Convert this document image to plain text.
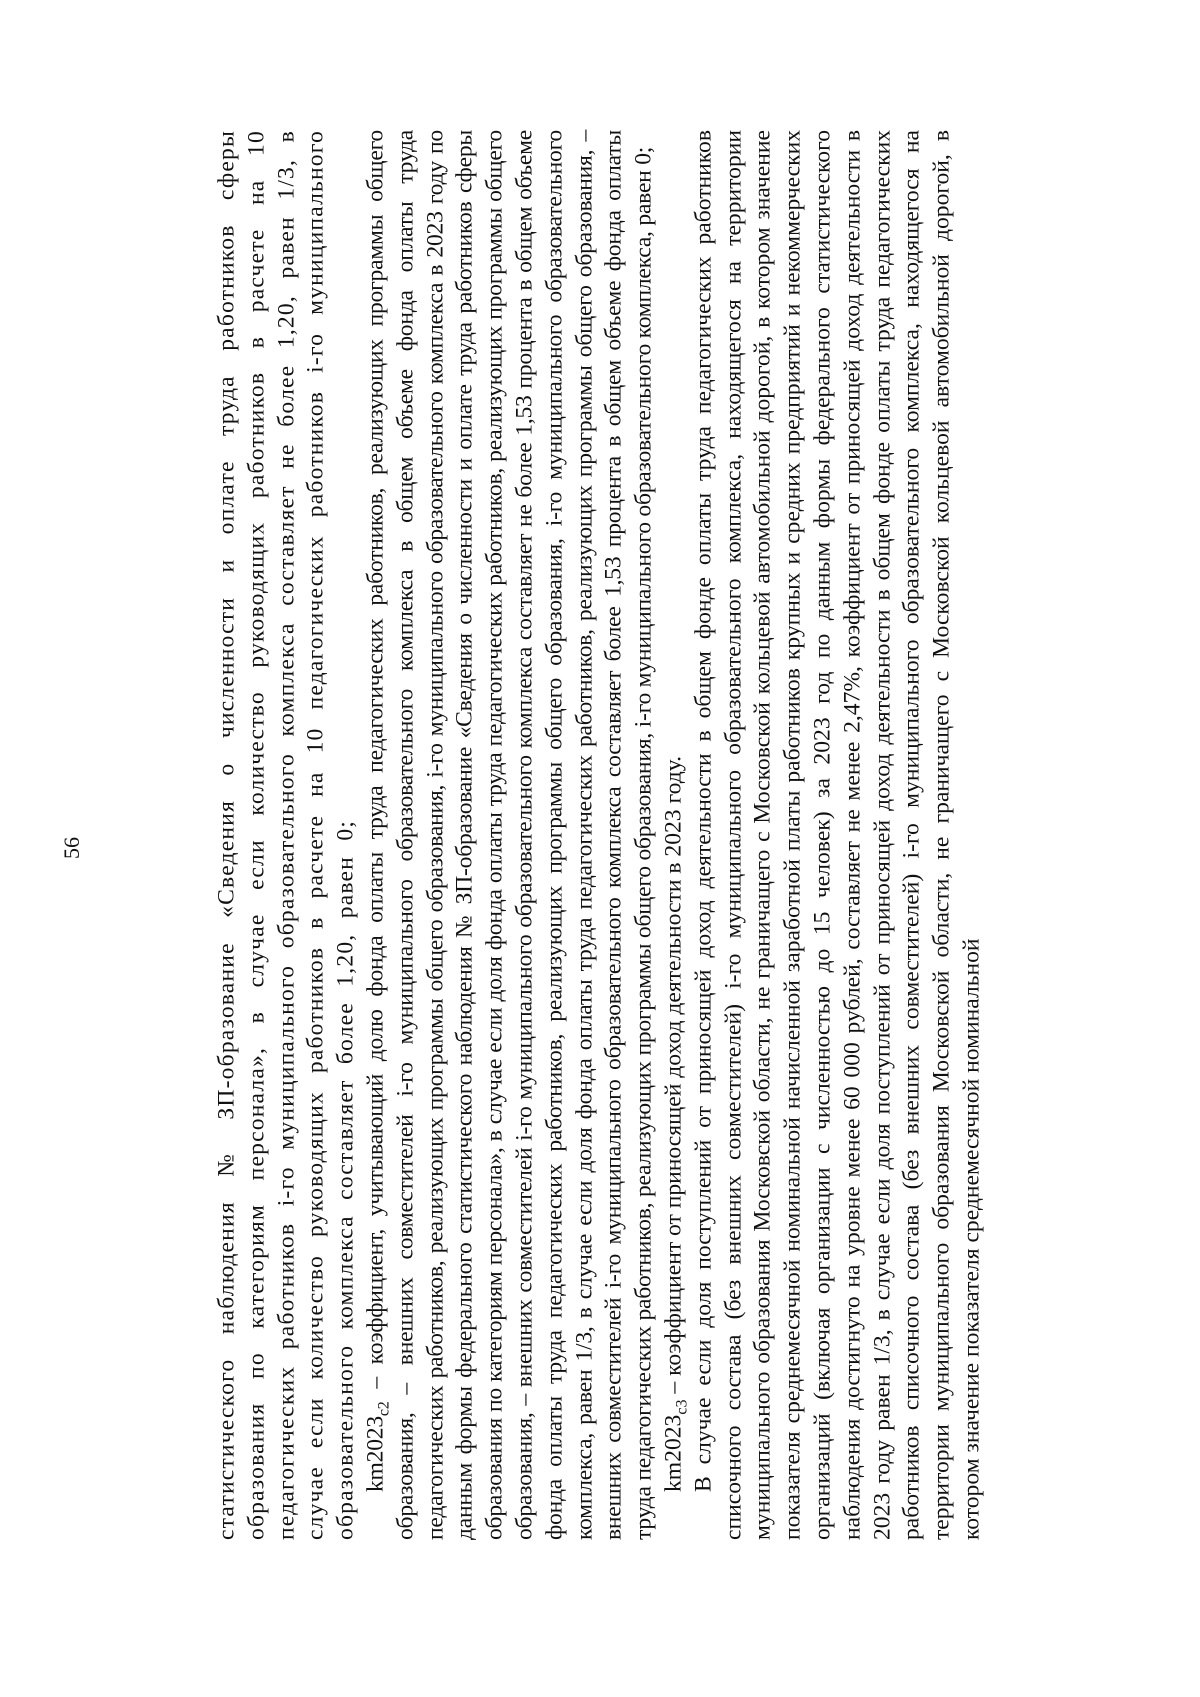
56	статистического наблюдения № ЗП-образование «Сведения о численности и оплате труда работников сферы образования по категориям персонала», в случае если количество руководящих работников в расчете на 10 педагогических работников i-го муниципального образовательного комплекса составляет не более 1,20, равен 1/3, в случае если количество руководящих работников в расчете на 10 педагогических работников i-го муниципального образовательного комплекса составляет более 1,20, равен 0; $km2023_{c2}$ – коэффициент, учитывающий долю фонда оплаты труда педагогических работников, реализующих программы общего образования, – внешних совместителей i-го муниципального образовательного комплекса в общем объеме фонда оплаты труда педагогических работников, реализующих программы общего образования, i-го муниципального образовательного комплекса в 2023 году по данным формы федерального статистического наблюдения № ЗП-образование «Сведения о численности и оплате труда работников сферы образования по категориям персонала», в случае если доля фонда оплаты труда педагогических работников, реализующих программы общего образования, – внешних совместителей i-го муниципального образовательного комплекса составляет не более 1,53 процента в общем объеме фонда оплаты труда педагогических работников, реализующих программы общего образования, i-го муниципального образовательного комплекса, равен 1/3, в случае если доля фонда оплаты труда педагогических работников, реализующих программы общего образования, – внешних совместителей i-го муниципального образовательного комплекса составляет более 1,53 процента в общем объеме фонда оплаты труда педагогических работников, реализующих программы общего образования, i-го муниципального образовательного комплекса, равен 0; $km2023_{c3}$ – коэффициент от приносящей доход деятельности в 2023 году. В случае если доля поступлений от приносящей доход деятельности в общем фонде оплаты труда педагогических работников списочного состава (без внешних совместителей) i-го муниципального образовательного комплекса, находящегося на территории муниципального образования Московской области, не граничащего с Московской кольцевой автомобильной дорогой, в котором значение показателя среднемесячной номинальной начисленной заработной платы работников крупных и средних предприятий и некоммерческих организаций (включая организации с численностью до 15 человек) за 2023 год по данным формы федерального статистического наблюдения достигнуто на уровне менее 60 000 рублей, составляет не менее 2,47%, коэффициент от приносящей доход деятельности в 2023 году равен 1/3, в случае если доля поступлений от приносящей доход деятельности в общем фонде оплаты труда педагогических работников списочного состава (без внешних совместителей) i-го муниципального образовательного комплекса, находящегося на территории муниципального образования Московской области, не граничащего с Московской кольцевой автомобильной дорогой, в котором значение показателя среднемесячной номинальной
